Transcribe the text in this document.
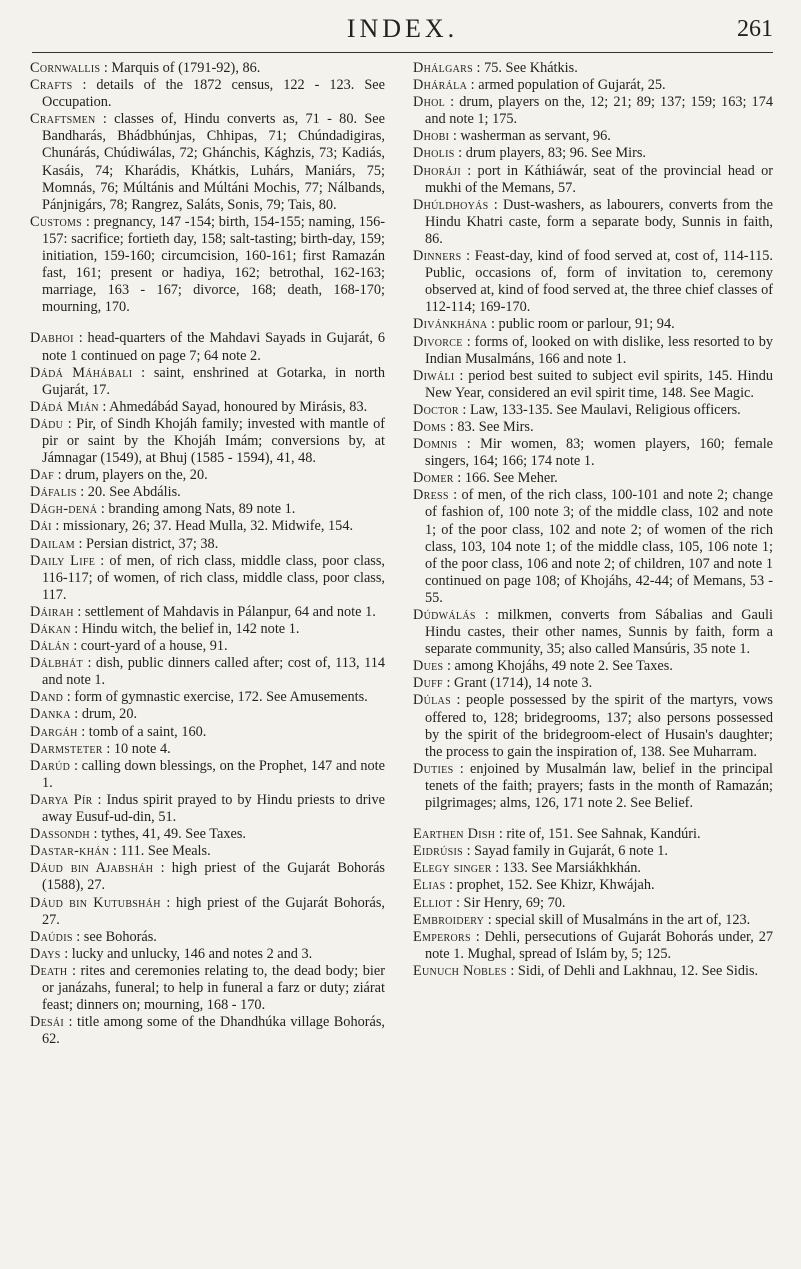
INDEX.	261

Cornwallis : Marquis of (1791-92), 86.

Crafts : details of the 1872 census, 122 - 123. See Occupation.

Craftsmen : classes of, Hindu converts as, 71 - 80. See Bandharás, Bhádbhúnjas, Chhipas, 71; Chúndadigiras, Chunárás, Chúdiwálas, 72; Ghánchis, Kághzis, 73; Kadiás, Kasáis, 74; Kharádis, Khátkis, Luhárs, Maniárs, 75; Momnás, 76; Múltánis and Múltáni Mochis, 77; Nálbands, Pánjnigárs, 78; Rangrez, Saláts, Sonis, 79; Tais, 80.

Customs : pregnancy, 147 -154; birth, 154-155; naming, 156-157: sacrifice; fortieth day, 158; salt-tasting; birth-day, 159; initiation, 159-160; circumcision, 160-161; first Ramazán fast, 161; present or hadiya, 162; betrothal, 162-163; marriage, 163 - 167; divorce, 168; death, 168-170; mourning, 170.

Dabhoi : head-quarters of the Mahdavi Sayads in Gujarát, 6 note 1 continued on page 7; 64 note 2.

Dádá Máhábali : saint, enshrined at Gotarka, in north Gujarát, 17.

Dádá Mián : Ahmedábád Sayad, honoured by Mirásis, 83.

Dádu : Pir, of Sindh Khojáh family; invested with mantle of pir or saint by the Khojáh Imám; conversions by, at Jámnagar (1549), at Bhuj (1585 - 1594), 41, 48.

Daf : drum, players on the, 20.

Dáfalis : 20. See Abdális.

Dágh-dená : branding among Nats, 89 note 1.

Dái : missionary, 26; 37. Head Mulla, 32. Midwife, 154.

Dailam : Persian district, 37; 38.

Daily Life : of men, of rich class, middle class, poor class, 116-117; of women, of rich class, middle class, poor class, 117.

Dáirah : settlement of Mahdavis in Pálanpur, 64 and note 1.

Dákan : Hindu witch, the belief in, 142 note 1.

Dálán : court-yard of a house, 91.

Dálbhát : dish, public dinners called after; cost of, 113, 114 and note 1.

Dand : form of gymnastic exercise, 172. See Amusements.

Danka : drum, 20.

Dargáh : tomb of a saint, 160.

Darmsteter : 10 note 4.

Darúd : calling down blessings, on the Prophet, 147 and note 1.

Darya Pír : Indus spirit prayed to by Hindu priests to drive away Eusuf-ud-din, 51.

Dassondh : tythes, 41, 49. See Taxes.

Dastar-khán : 111. See Meals.

Dáud bin Ajabsháh : high priest of the Gujarát Bohorás (1588), 27.

Dáud bin Kutubsháh : high priest of the Gujarát Bohorás, 27.

Daúdis : see Bohorás.

Days : lucky and unlucky, 146 and notes 2 and 3.

Death : rites and ceremonies relating to, the dead body; bier or janázahs, funeral; to help in funeral a farz or duty; ziárat feast; dinners on; mourning, 168 - 170.

Desái : title among some of the Dhandhúka village Bohorás, 62.

Dhálgars : 75. See Khátkis.

Dhárála : armed population of Gujarát, 25.

Dhol : drum, players on the, 12; 21; 89; 137; 159; 163; 174 and note 1; 175.

Dhobi : washerman as servant, 96.

Dholis : drum players, 83; 96. See Mirs.

Dhoráji : port in Káthiáwár, seat of the provincial head or mukhi of the Memans, 57.

Dhúldhoyás : Dust-washers, as labourers, converts from the Hindu Khatri caste, form a separate body, Sunnis in faith, 86.

Dinners : Feast-day, kind of food served at, cost of, 114-115. Public, occasions of, form of invitation to, ceremony observed at, kind of food served at, the three chief classes of 112-114; 169-170.

Divánkhána : public room or parlour, 91; 94.

Divorce : forms of, looked on with dislike, less resorted to by Indian Musalmáns, 166 and note 1.

Diwáli : period best suited to subject evil spirits, 145. Hindu New Year, considered an evil spirit time, 148. See Magic.

Doctor : Law, 133-135. See Maulavi, Religious officers.

Doms : 83. See Mirs.

Domnis : Mir women, 83; women players, 160; female singers, 164; 166; 174 note 1.

Domer : 166. See Meher.

Dress : of men, of the rich class, 100-101 and note 2; change of fashion of, 100 note 3; of the middle class, 102 and note 1; of the poor class, 102 and note 2; of women of the rich class, 103, 104 note 1; of the middle class, 105, 106 note 1; of the poor class, 106 and note 2; of children, 107 and note 1 continued on page 108; of Khojáhs, 42-44; of Memans, 53 - 55.

Dúdwálás : milkmen, converts from Sábalias and Gauli Hindu castes, their other names, Sunnis by faith, form a separate community, 35; also called Mansúris, 35 note 1.

Dues : among Khojáhs, 49 note 2. See Taxes.

Duff : Grant (1714), 14 note 3.

Dúlas : people possessed by the spirit of the martyrs, vows offered to, 128; bridegrooms, 137; also persons possessed by the spirit of the bridegroom-elect of Husain's daughter; the process to gain the inspiration of, 138. See Muharram.

Duties : enjoined by Musalmán law, belief in the principal tenets of the faith; prayers; fasts in the month of Ramazán; pilgrimages; alms, 126, 171 note 2. See Belief.

Earthen Dish : rite of, 151. See Sahnak, Kandúri.

Eidrúsis : Sayad family in Gujarát, 6 note 1.

Elegy singer : 133. See Marsiákhkhán.

Elias : prophet, 152. See Khizr, Khwájah.

Elliot : Sir Henry, 69; 70.

Embroidery : special skill of Musalmáns in the art of, 123.

Emperors : Dehli, persecutions of Gujarát Bohorás under, 27 note 1. Mughal, spread of Islám by, 5; 125.

Eunuch Nobles : Sidi, of Dehli and Lakhnau, 12. See Sidis.
